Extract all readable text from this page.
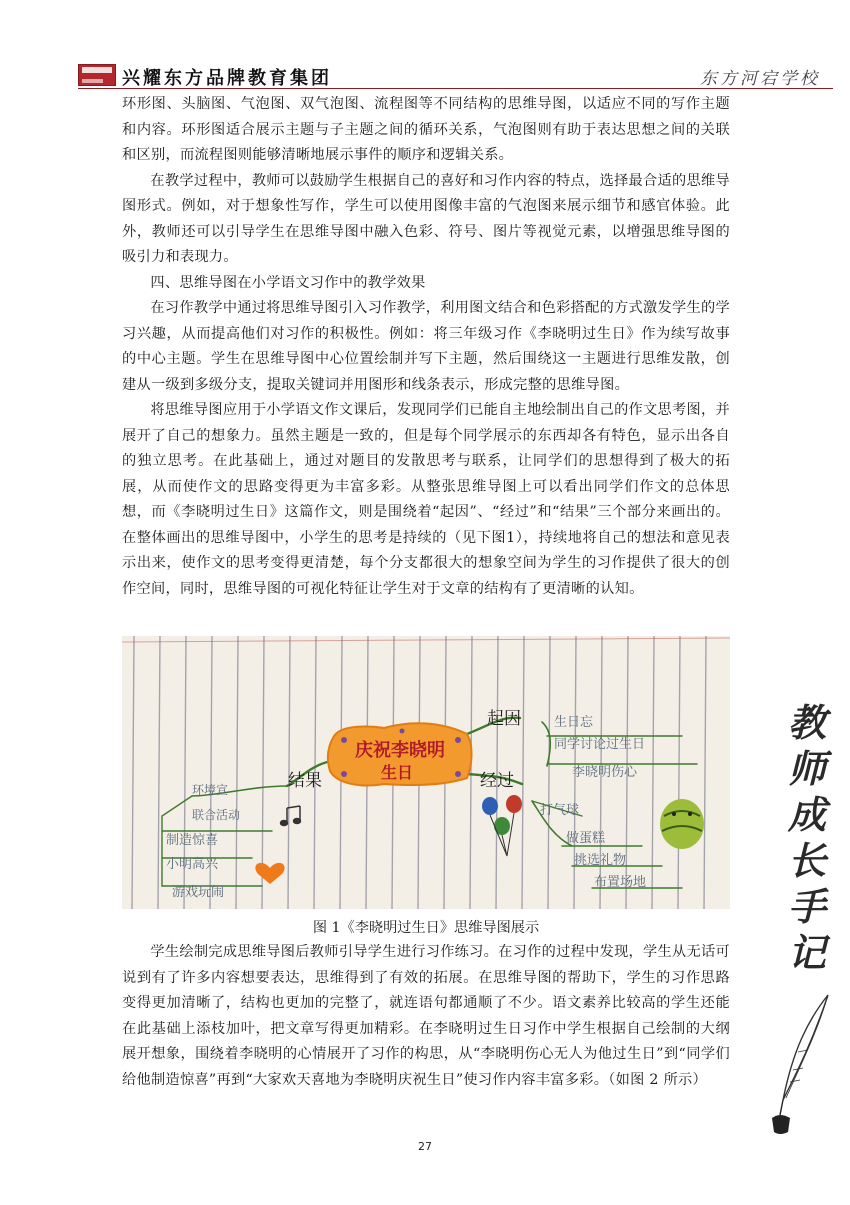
兴耀东方品牌教育集团	东方河宕学校

环形图、头脑图、气泡图、双气泡图、流程图等不同结构的思维导图，以适应不同的写作主题和内容。环形图适合展示主题与子主题之间的循环关系，气泡图则有助于表达思想之间的关联和区别，而流程图则能够清晰地展示事件的顺序和逻辑关系。

在教学过程中，教师可以鼓励学生根据自己的喜好和习作内容的特点，选择最合适的思维导图形式。例如，对于想象性写作，学生可以使用图像丰富的气泡图来展示细节和感官体验。此外，教师还可以引导学生在思维导图中融入色彩、符号、图片等视觉元素，以增强思维导图的吸引力和表现力。

四、思维导图在小学语文习作中的教学效果

在习作教学中通过将思维导图引入习作教学，利用图文结合和色彩搭配的方式激发学生的学习兴趣，从而提高他们对习作的积极性。例如：将三年级习作《李晓明过生日》作为续写故事的中心主题。学生在思维导图中心位置绘制并写下主题，然后围绕这一主题进行思维发散，创建从一级到多级分支，提取关键词并用图形和线条表示，形成完整的思维导图。

将思维导图应用于小学语文作文课后，发现同学们已能自主地绘制出自己的作文思考图，并展开了自己的想象力。虽然主题是一致的，但是每个同学展示的东西却各有特色，显示出各自的独立思考。在此基础上，通过对题目的发散思考与联系，让同学们的思想得到了极大的拓展，从而使作文的思路变得更为丰富多彩。从整张思维导图上可以看出同学们作文的总体思想，而《李晓明过生日》这篇作文，则是围绕着“起因”、“经过”和“结果”三个部分来画出的。在整体画出的思维导图中，小学生的思考是持续的（见下图1），持续地将自己的想法和意见表示出来，使作文的思考变得更清楚，每个分支都很大的想象空间为学生的习作提供了很大的创作空间，同时，思维导图的可视化特征让学生对于文章的结构有了更清晰的认知。

庆祝李晓明
生日
起因
经过
结果
生日忘
同学讨论过生日
李晓明伤心
打气球
做蛋糕
挑选礼物
布置场地
环境宣
联合活动
制造惊喜
小明高兴
游戏玩闹
图 1《李晓明过生日》思维导图展示

学生绘制完成思维导图后教师引导学生进行习作练习。在习作的过程中发现，学生从无话可说到有了许多内容想要表达，思维得到了有效的拓展。在思维导图的帮助下，学生的习作思路变得更加清晰了，结构也更加的完整了，就连语句都通顺了不少。语文素养比较高的学生还能在此基础上添枝加叶，把文章写得更加精彩。在李晓明过生日习作中学生根据自己绘制的大纲展开想象，围绕着李晓明的心情展开了习作的构思，从“李晓明伤心无人为他过生日”到“同学们给他制造惊喜”再到“大家欢天喜地为李晓明庆祝生日”使习作内容丰富多彩。（如图 2 所示）

27
教
师
成
长
手
记
